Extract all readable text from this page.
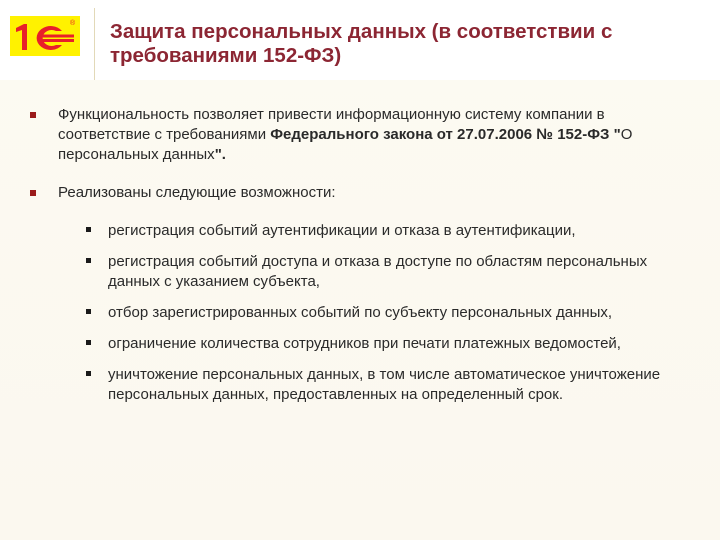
® Защита персональных данных (в соответствии с требованиями 152-ФЗ)
Функциональность позволяет привести информационную систему компании в соответствие с требованиями Федерального закона от 27.07.2006 № 152-ФЗ "О персональных данных".
Реализованы следующие возможности:
регистрация событий аутентификации и отказа в аутентификации,
регистрация событий доступа и отказа в доступе по областям персональных данных с указанием субъекта,
отбор зарегистрированных событий по субъекту персональных данных,
ограничение количества сотрудников при печати платежных ведомостей,
уничтожение персональных данных, в том числе автоматическое уничтожение персональных данных, предоставленных на определенный срок.
